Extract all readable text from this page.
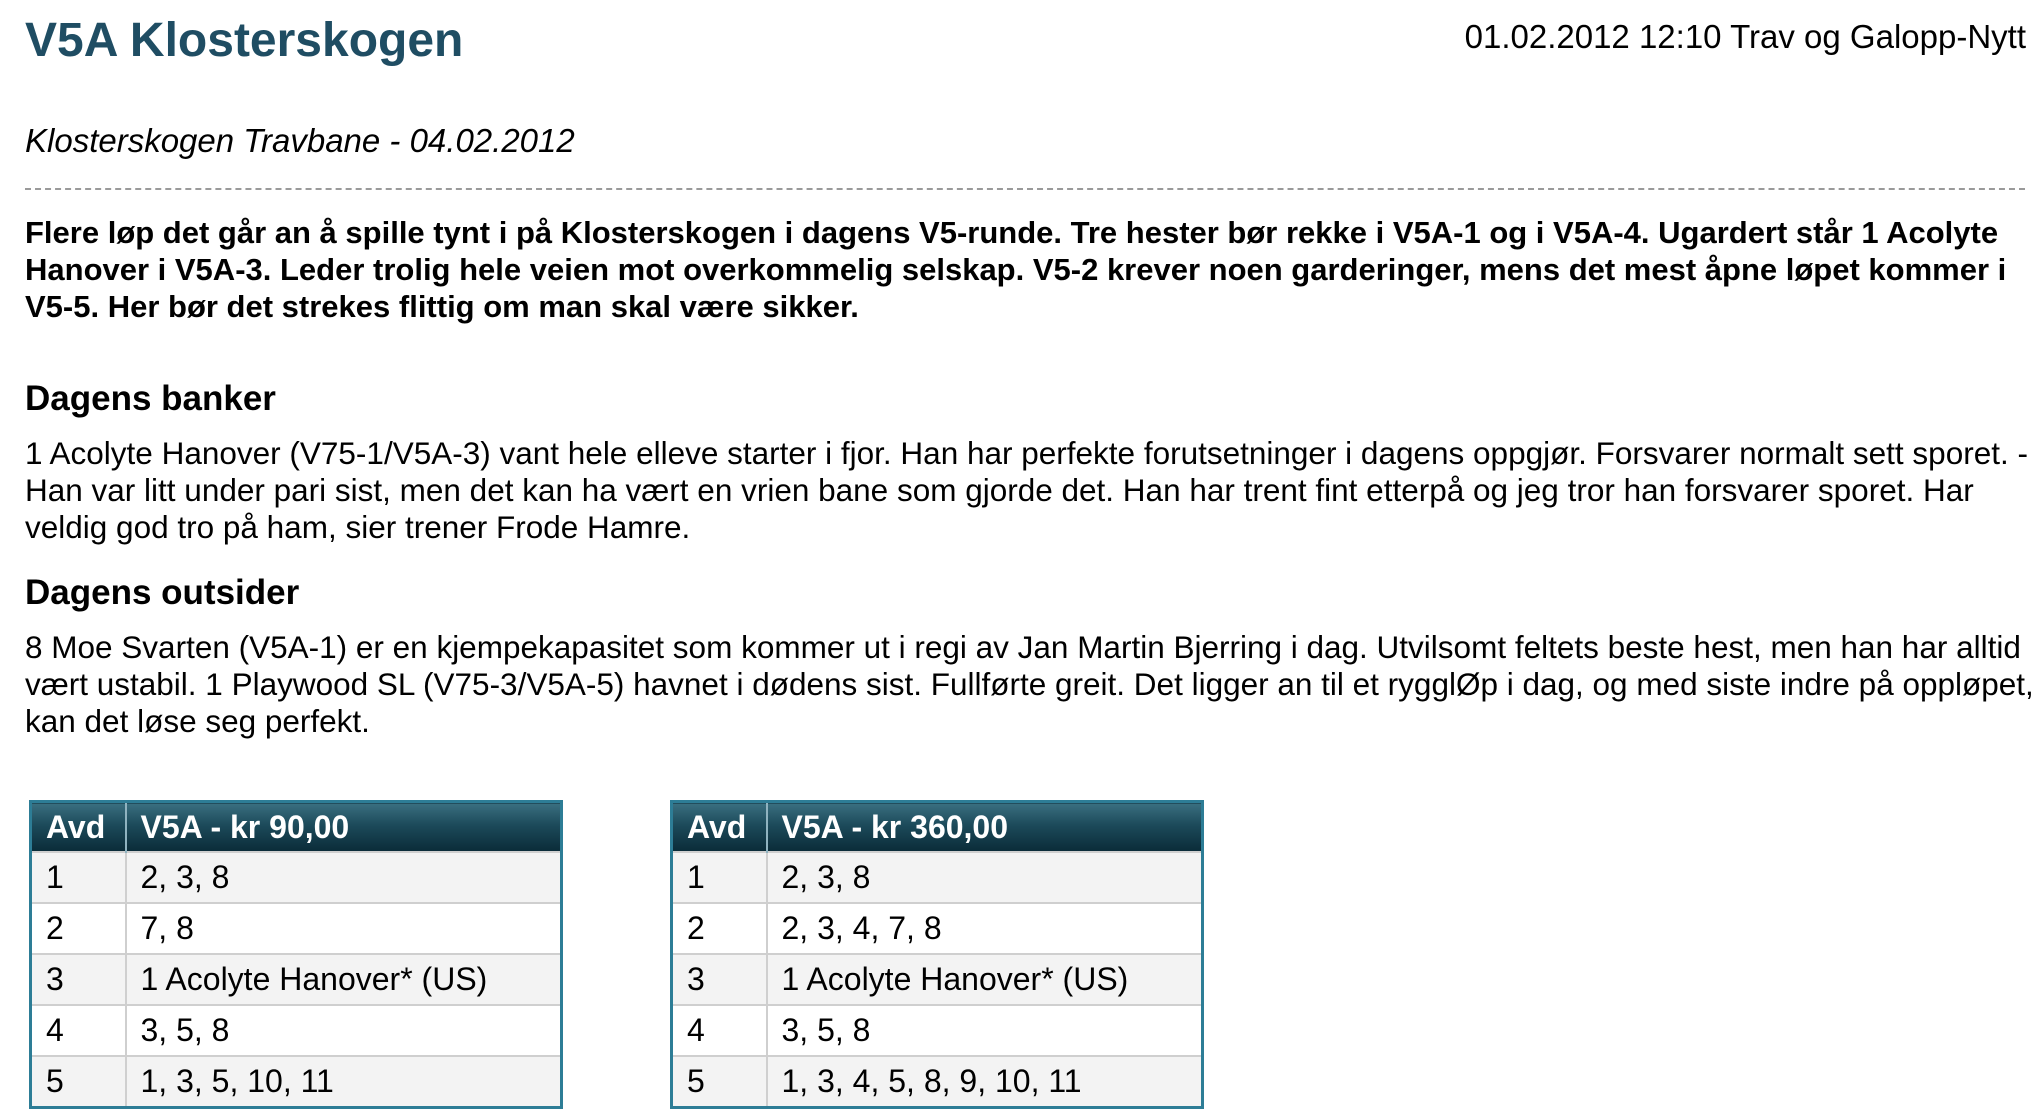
V5A Klosterskogen	01.02.2012 12:10 Trav og Galopp-Nytt

Klosterskogen Travbane - 04.02.2012

Flere løp det går an å spille tynt i på Klosterskogen i dagens V5-runde. Tre hester bør rekke i V5A-1 og i V5A-4. Ugardert står 1 Acolyte Hanover i V5A-3. Leder trolig hele veien mot overkommelig selskap. V5-2 krever noen garderinger, mens det mest åpne løpet kommer i V5-5. Her bør det strekes flittig om man skal være sikker.

Dagens banker

1 Acolyte Hanover (V75-1/V5A-3) vant hele elleve starter i fjor. Han har perfekte forutsetninger i dagens oppgjør. Forsvarer normalt sett sporet. - Han var litt under pari sist, men det kan ha vært en vrien bane som gjorde det. Han har trent fint etterpå og jeg tror han forsvarer sporet. Har veldig god tro på ham, sier trener Frode Hamre.

Dagens outsider

8 Moe Svarten (V5A-1) er en kjempekapasitet som kommer ut i regi av Jan Martin Bjerring i dag. Utvilsomt feltets beste hest, men han har alltid vært ustabil. 1 Playwood SL (V75-3/V5A-5) havnet i dødens sist. Fullførte greit. Det ligger an til et rygglØp i dag, og med siste indre på oppløpet, kan det løse seg perfekt.

Avd	V5A - kr 90,00
1	2, 3, 8
2	7, 8
3	1 Acolyte Hanover* (US)
4	3, 5, 8
5	1, 3, 5, 10, 11
Avd	V5A - kr 360,00
1	2, 3, 8
2	2, 3, 4, 7, 8
3	1 Acolyte Hanover* (US)
4	3, 5, 8
5	1, 3, 4, 5, 8, 9, 10, 11
